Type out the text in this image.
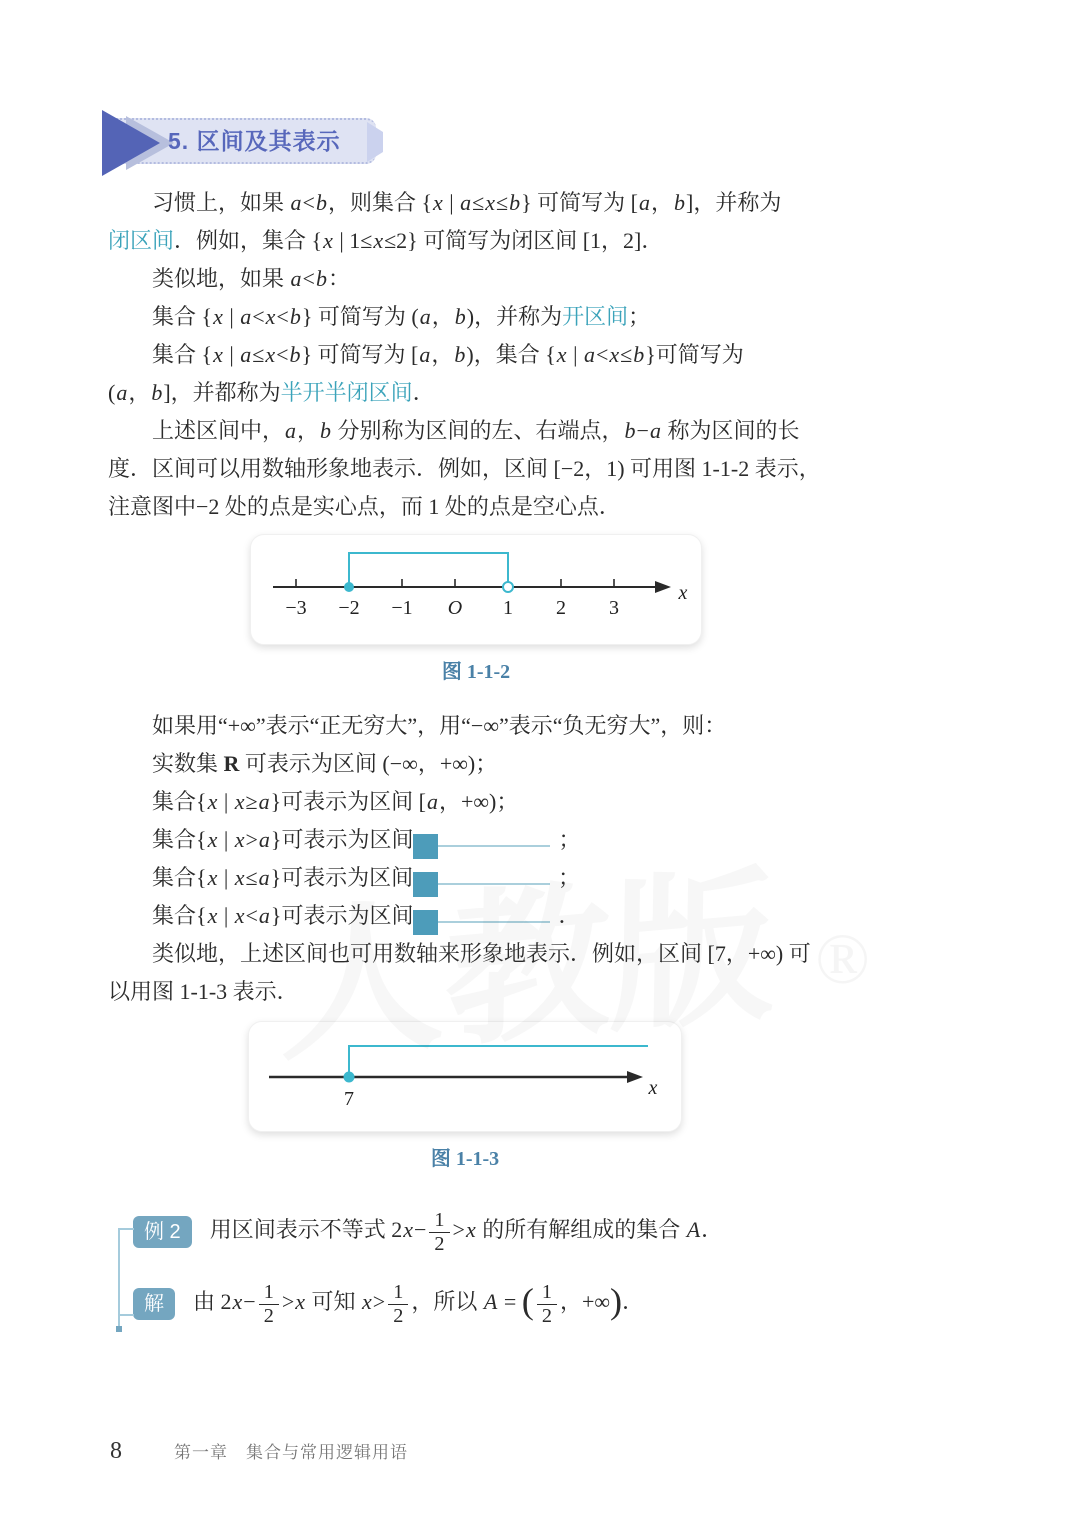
5. 区间及其表示

习惯上，如果 a<b，则集合 {x | a≤x≤b} 可简写为 [a，b]，并称为
闭区间．例如，集合 {x | 1≤x≤2} 可简写为闭区间 [1，2]．

类似地，如果 a<b：

集合 {x | a<x<b} 可简写为 (a，b)，并称为开区间；

集合 {x | a≤x<b} 可简写为 [a，b)，集合 {x | a<x≤b}可简写为
(a，b]，并都称为半开半闭区间．

上述区间中，a，b 分别称为区间的左、右端点，b−a 称为区间的长
度．区间可以用数轴形象地表示．例如，区间 [−2，1) 可用图 1-1-2 表示，
注意图中−2 处的点是实心点，而 1 处的点是空心点．

−3 −2 −1 O 1 2 3
x
图 1-1-2

如果用“+∞”表示“正无穷大”，用“−∞”表示“负无穷大”，则：

实数集 R 可表示为区间 (−∞，+∞)；

集合{x | x≥a}可表示为区间 [a，+∞)；

集合{x | x>a}可表示为区间	9	；

集合{x | x≤a}可表示为区间	10	；

集合{x | x<a}可表示为区间	11	．

类似地，上述区间也可用数轴来形象地表示．例如，区间 [7，+∞) 可
以用图 1-1-3 表示．

7	x
图 1-1-3
例 2	用区间表示不等式 $2x- \frac{1}{2} >x$ 的所有解组成的集合 A．
解	由 $2x- \frac{1}{2} >x$ 可知 $x> \frac{1}{2}$ ，所以 A = ( $\frac{1}{2}$ ，+∞)．
®
8	第一章　集合与常用逻辑用语
